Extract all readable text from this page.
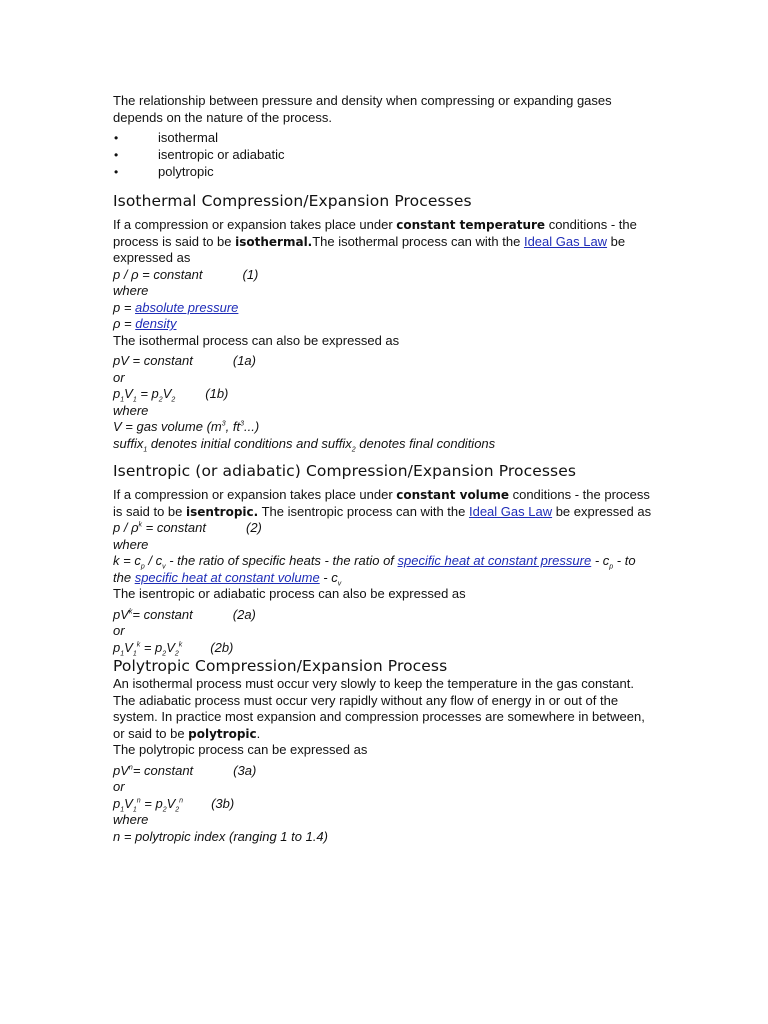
The relationship between pressure and density when compressing or expanding gases depends on the nature of the process.

•	isothermal
•	isentropic or adiabatic
•	polytropic
Isothermal Compression/Expansion Processes

If a compression or expansion takes place under constant temperature conditions - the process is said to be isothermal.The isothermal process can with the Ideal Gas Law be expressed as

p / ρ = constant	(1)

where

p = absolute pressure

ρ = density

The isothermal process can also be expressed as

pV = constant	(1a)

or

$p_1V_1 = p_2V_2$ (1b)

where

V = gas volume ($m^3$, $ft^3$...)

suffix$_1$ denotes initial conditions and suffix$_2$ denotes final conditions

Isentropic (or adiabatic) Compression/Expansion Processes

If a compression or expansion takes place under constant volume conditions - the process is said to be isentropic. The isentropic process can with the Ideal Gas Law be expressed as

p / $\rho^k$ = constant	(2)

where

$k = c_p / c_v$ - the ratio of specific heats - the ratio of specific heat at constant pressure - $c_p$ - to the specific heat at constant volume - $c_v$

The isentropic or adiabatic process can also be expressed as

$pV^k=$ constant	(2a)

or

$p_1V_1^k = p_2V_2^k$ (2b)

Polytropic Compression/Expansion Process

An isothermal process must occur very slowly to keep the temperature in the gas constant. The adiabatic process must occur very rapidly without any flow of energy in or out of the system. In practice most expansion and compression processes are somewhere in between, or said to be polytropic.

The polytropic process can be expressed as

$pV^n=$ constant	(3a)

or

$p_1V_1^n = p_2V_2^n$ (3b)

where

n = polytropic index (ranging 1 to 1.4)
